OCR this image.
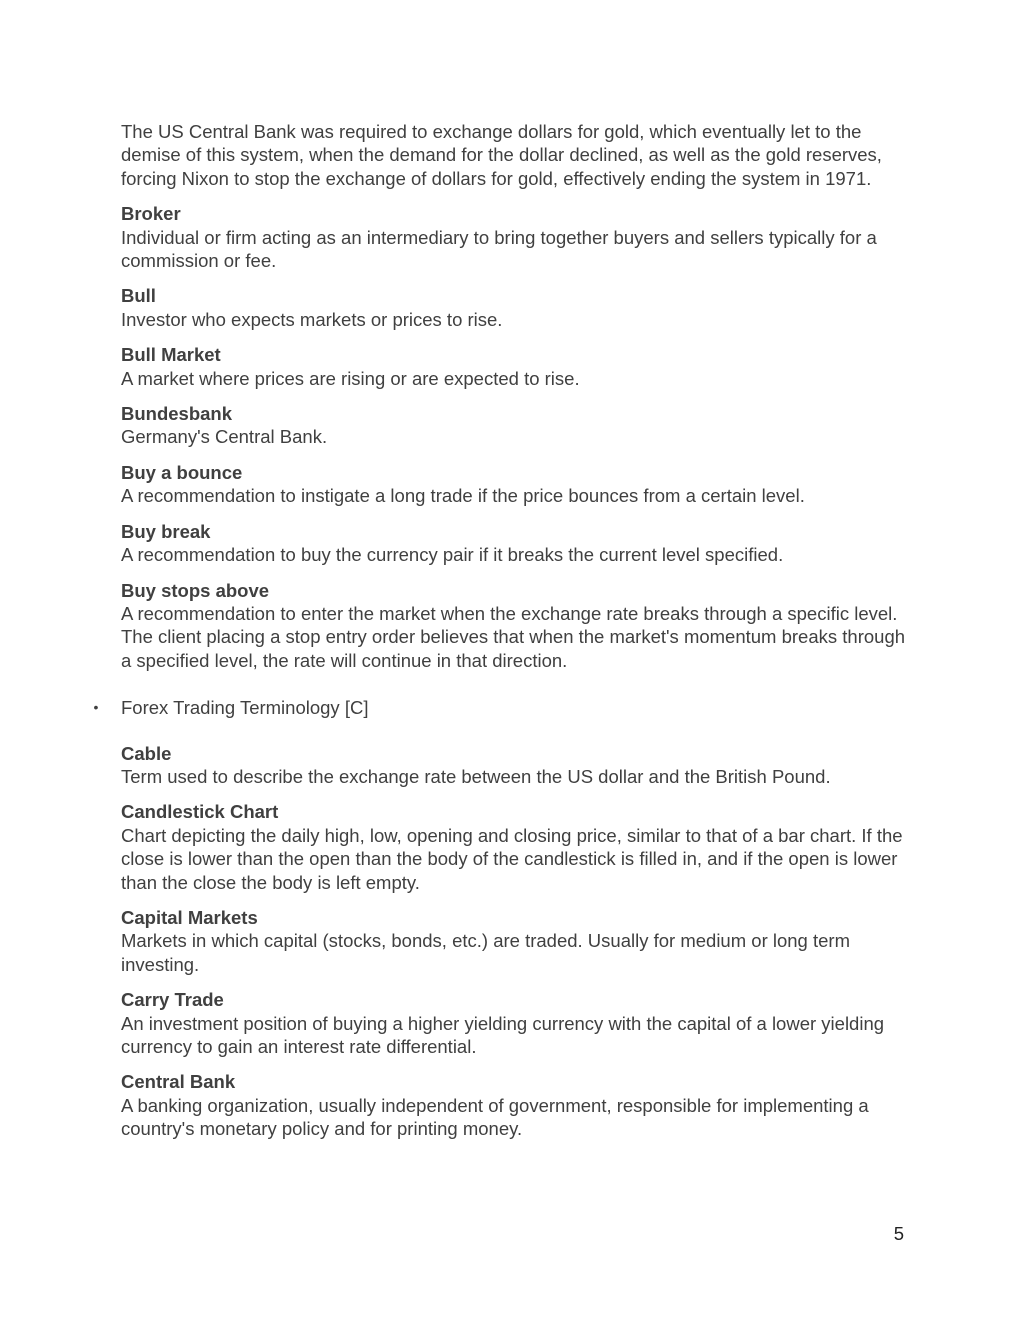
The US Central Bank was required to exchange dollars for gold, which eventually let to the demise of this system, when the demand for the dollar declined, as well as the gold reserves, forcing Nixon to stop the exchange of dollars for gold, effectively ending the system in 1971.

Broker
Individual or firm acting as an intermediary to bring together buyers and sellers typically for a commission or fee.
Bull
Investor who expects markets or prices to rise.
Bull Market
A market where prices are rising or are expected to rise.
Bundesbank
Germany's Central Bank.
Buy a bounce
A recommendation to instigate a long trade if the price bounces from a certain level.
Buy break
A recommendation to buy the currency pair if it breaks the current level specified.
Buy stops above
A recommendation to enter the market when the exchange rate breaks through a specific level. The client placing a stop entry order believes that when the market's momentum breaks through a specified level, the rate will continue in that direction.
• Forex Trading Terminology [C]
Cable
Term used to describe the exchange rate between the US dollar and the British Pound.
Candlestick Chart
Chart depicting the daily high, low, opening and closing price, similar to that of a bar chart. If the close is lower than the open than the body of the candlestick is filled in, and if the open is lower than the close the body is left empty.
Capital Markets
Markets in which capital (stocks, bonds, etc.) are traded. Usually for medium or long term investing.
Carry Trade
An investment position of buying a higher yielding currency with the capital of a lower yielding currency to gain an interest rate differential.
Central Bank
A banking organization, usually independent of government, responsible for implementing a country's monetary policy and for printing money.
5
